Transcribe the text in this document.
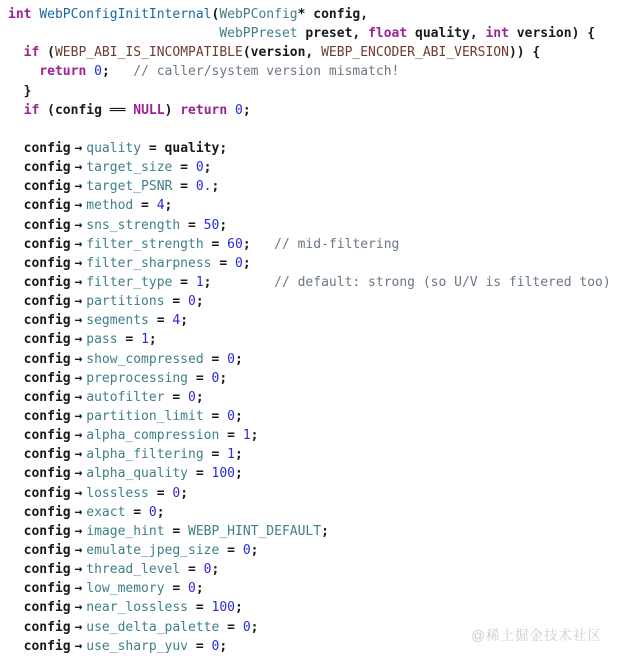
int WebPConfigInitInternal(WebPConfig* config,
WebPPreset preset, float quality, int version) {
if (WEBP_ABI_IS_INCOMPATIBLE(version, WEBP_ENCODER_ABI_VERSION)) {
return 0;   // caller/system version mismatch!
}
if (config ══ NULL) return 0;

config → quality = quality;
config → target_size = 0;
config → target_PSNR = 0.;
config → method = 4;
config → sns_strength = 50;
config → filter_strength = 60;   // mid-filtering
config → filter_sharpness = 0;
config → filter_type = 1;        // default: strong (so U/V is filtered too)
config → partitions = 0;
config → segments = 4;
config → pass = 1;
config → show_compressed = 0;
config → preprocessing = 0;
config → autofilter = 0;
config → partition_limit = 0;
config → alpha_compression = 1;
config → alpha_filtering = 1;
config → alpha_quality = 100;
config → lossless = 0;
config → exact = 0;
config → image_hint = WEBP_HINT_DEFAULT;
config → emulate_jpeg_size = 0;
config → thread_level = 0;
config → low_memory = 0;
config → near_lossless = 100;
config → use_delta_palette = 0;
config → use_sharp_yuv = 0;
@稀土掘金技术社区
